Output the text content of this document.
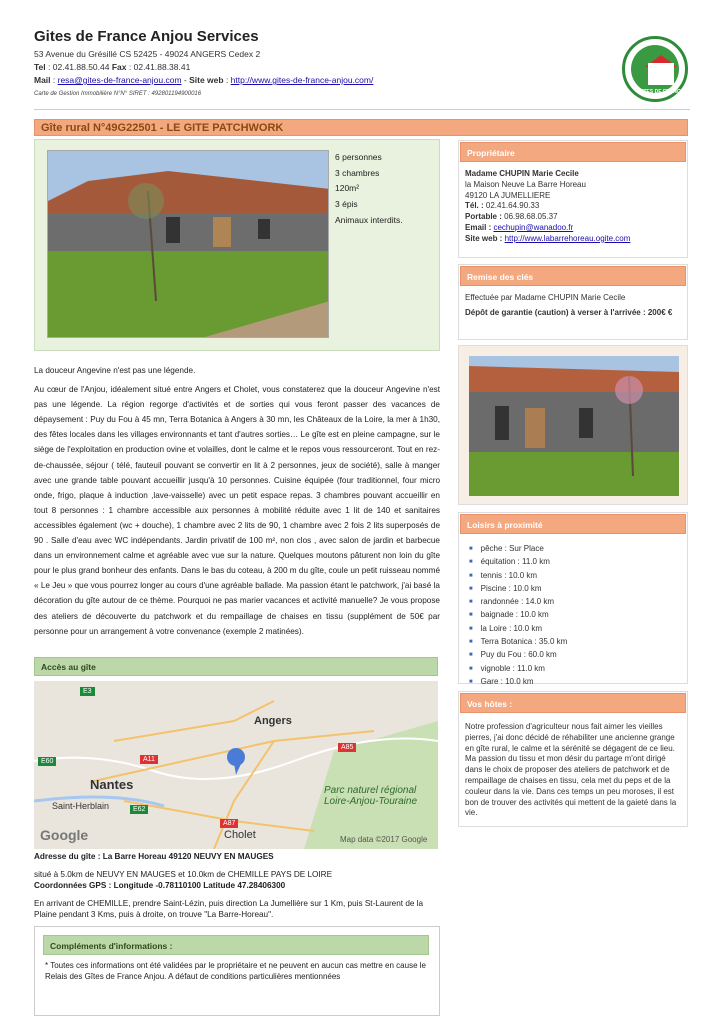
Gites de France Anjou Services
53 Avenue du Grésillé CS 52425 - 49024 ANGERS Cedex 2
Tel : 02.41.88.50.44 Fax : 02.41.88.38.41
Mail : resa@gites-de-france-anjou.com - Site web : http://www.gites-de-france-anjou.com/
Carte de Gestion Immobilière N°N° SIRET : 492801194900016	GITES DE FRANCE
Gîte rural N°49G22501 - LE GITE PATCHWORK
6 personnes
3 chambres
120m²
3 épis
Animaux interdits.

La douceur Angevine n'est pas une légende.

Au cœur de l'Anjou, idéalement situé entre Angers et Cholet, vous constaterez que la douceur Angevine n'est pas une légende. La région regorge d'activités et de sorties qui vous feront passer des vacances de dépaysement : Puy du Fou à 45 mn, Terra Botanica à Angers à 30 mn, les Châteaux de la Loire, la mer à 1h30, des fêtes locales dans les villages environnants et tant d'autres sorties… Le gîte est en pleine campagne, sur le siège de l'exploitation en production ovine et volailles, dont le calme et le repos vous ressourceront. Tout en rez-de-chaussée, séjour ( télé, fauteuil pouvant se convertir en lit à 2 personnes, jeux de société), salle à manger avec une grande table pouvant accueillir jusqu'à 10 personnes. Cuisine équipée (four traditionnel, four micro onde, frigo, plaque à induction ,lave-vaisselle) avec un petit espace repas. 3 chambres pouvant accueillir en tout 8 personnes : 1 chambre accessible aux personnes à mobilité réduite avec 1 lit de 140 et sanitaires accessibles également (wc + douche), 1 chambre avec 2 lits de 90, 1 chambre avec 2 fois 2 lits superposés de 90 . Salle d'eau avec WC indépendants. Jardin privatif de 100 m², non clos , avec salon de jardin et barbecue dans un environnement calme et agréable avec vue sur la nature. Quelques moutons pâturent non loin du gîte pour le plus grand bonheur des enfants. Dans le bas du coteau, à 200 m du gîte, coule un petit ruisseau nommé « Le Jeu » que vous pourrez longer au cours d'une agréable ballade. Ma passion étant le patchwork, j'ai basé la décoration du gîte autour de ce thème. Pourquoi ne pas marier vacances et activité manuelle? Je vous propose des ateliers de découverte du patchwork et du rempaillage de chaises en tissu (supplément de 50€ par personne pour un arrangement à votre convenance (exemple 2 matinées).

Accès au gîte
Angers
Nantes
Saint-Herblain
Cholet
Parc naturel régional Loire-Anjou-Touraine
E3
E60	A11
A85
E62
A87
Google	Map data ©2017 Google
Adresse du gîte : La Barre Horeau 49120 NEUVY EN MAUGES
situé à 5.0km de NEUVY EN MAUGES et 10.0km de CHEMILLE PAYS DE LOIRE
Coordonnées GPS : Longitude -0.78110100 Latitude 47.28406300
En arrivant de CHEMILLE, prendre Saint-Lézin, puis direction La Jumellière sur 1 Km, puis St-Laurent de la Plaine pendant 3 Kms, puis à droite, on trouve "La Barre-Horeau".
Compléments d'informations :
* Toutes ces informations ont été validées par le propriétaire et ne peuvent en aucun cas mettre en cause le Relais des Gîtes de France Anjou. A défaut de conditions particulières mentionnées
Propriétaire
Madame CHUPIN Marie Cecile
la Maison Neuve La Barre Horeau
49120 LA JUMELLIERE
Tél. : 02.41.64.90.33
Portable : 06.98.68.05.37
Email : cechupin@wanadoo.fr
Site web : http://www.labarrehoreau.ogite.com
Remise des clés
Effectuée par Madame CHUPIN Marie Cecile
Dépôt de garantie (caution) à verser à l'arrivée : 200€ €
Loisirs à proximité
■ pêche : Sur Place
■ équitation : 11.0 km
■ tennis : 10.0 km
■ Piscine : 10.0 km
■ randonnée : 14.0 km
■ baignade : 10.0 km
■ la Loire : 10.0 km
■ Terra Botanica : 35.0 km
■ Puy du Fou : 60.0 km
■ vignoble : 11.0 km
■ Gare : 10.0 km
■
Vos hôtes :
Notre profession d'agriculteur nous fait aimer les vieilles pierres, j'ai donc décidé de réhabiliter une ancienne grange en gîte rural, le calme et la sérénité se dégagent de ce lieu. Ma passion du tissu et mon désir du partage m'ont dirigé dans le choix de proposer des ateliers de patchwork et de rempaillage de chaises en tissu, cela met du peps et de la couleur dans la vie. Dans ces temps un peu moroses, il est bon de trouver des activités qui mettent de la gaieté dans la vie.
